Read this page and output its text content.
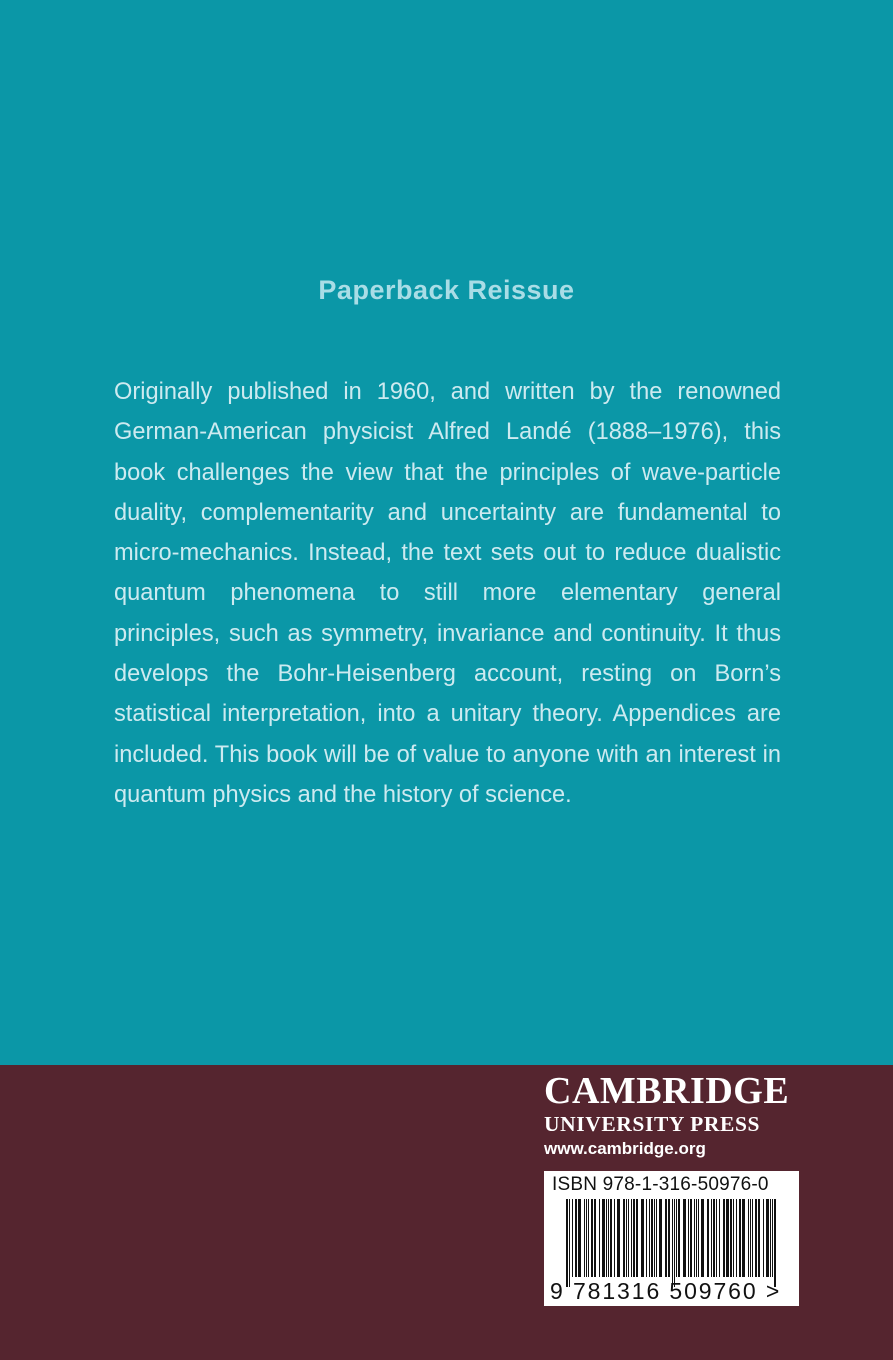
Paperback Reissue

Originally published in 1960, and written by the renowned German-American physicist Alfred Landé (1888–1976), this book challenges the view that the principles of wave-particle duality, complementarity and uncertainty are fundamental to micro-mechanics. Instead, the text sets out to reduce dualistic quantum phenomena to still more elementary general principles, such as symmetry, invariance and continuity. It thus develops the Bohr-Heisenberg account, resting on Born’s statistical interpretation, into a unitary theory. Appendices are included. This book will be of value to anyone with an interest in quantum physics and the history of science.

CAMBRIDGE
UNIVERSITY PRESS
www.cambridge.org
ISBN 978-1-316-50976-0
9 781316 509760 >
